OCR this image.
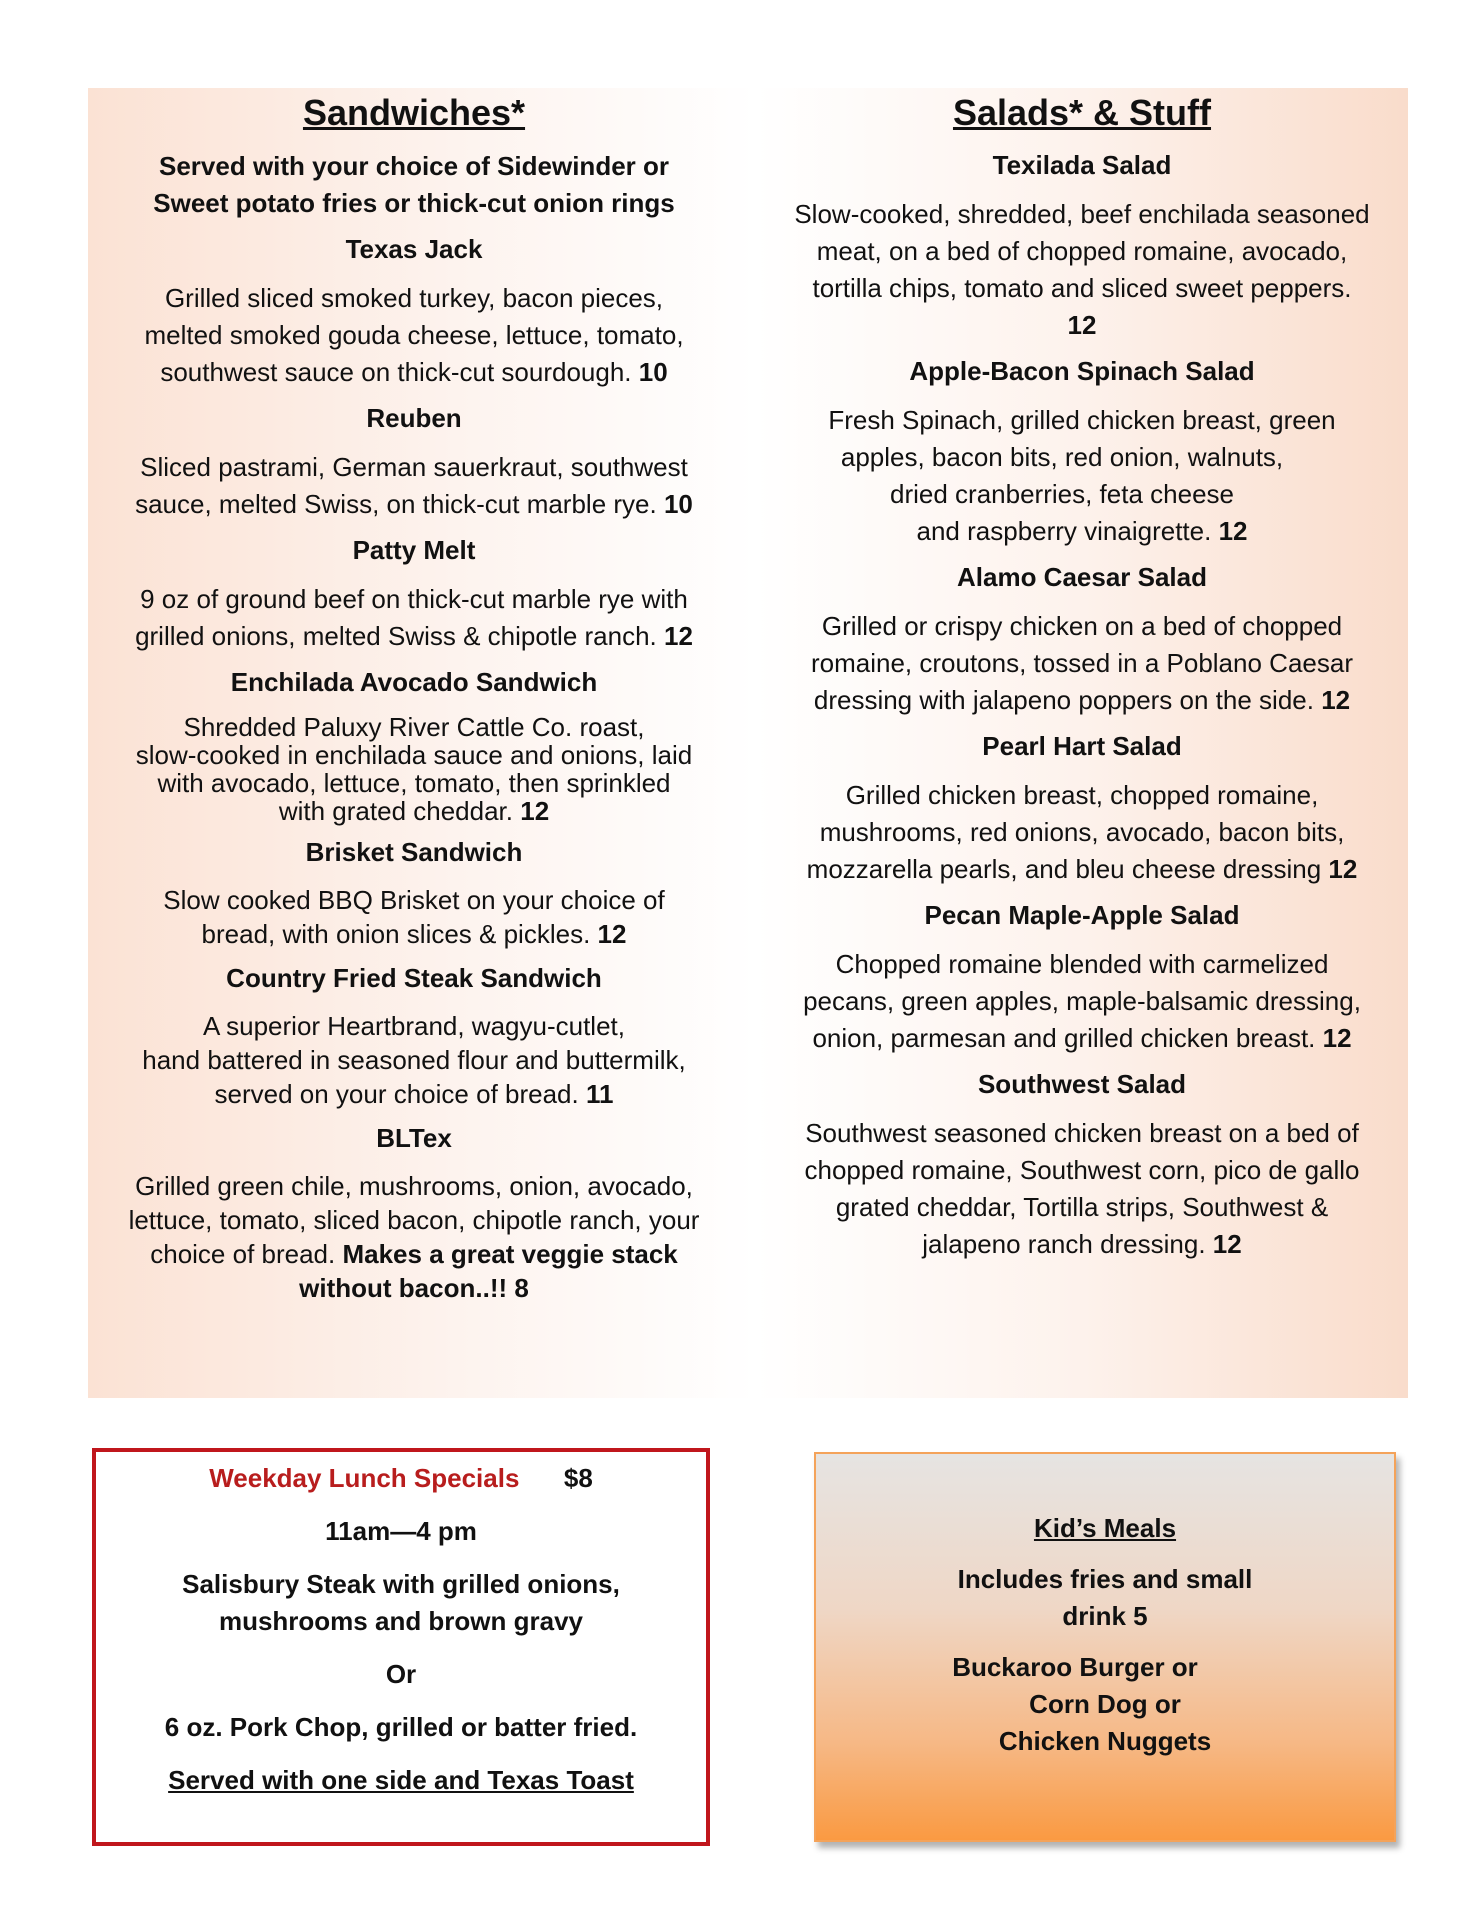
Sandwiches*
Served with your choice of Sidewinder or
Sweet potato fries or thick-cut onion rings
Texas Jack
Grilled sliced smoked turkey, bacon pieces,
melted smoked gouda cheese, lettuce, tomato,
southwest sauce on thick-cut sourdough. 10
Reuben
Sliced pastrami, German sauerkraut, southwest
sauce, melted Swiss, on thick-cut marble rye. 10
Patty Melt
9 oz of ground beef on thick-cut marble rye with
grilled onions, melted Swiss & chipotle ranch. 12
Enchilada Avocado Sandwich
Shredded Paluxy River Cattle Co. roast,
slow-cooked in enchilada sauce and onions, laid
with avocado, lettuce, tomato, then sprinkled
with grated cheddar. 12
Brisket Sandwich
Slow cooked BBQ Brisket on your choice of
bread, with onion slices & pickles. 12
Country Fried Steak Sandwich
A superior Heartbrand, wagyu-cutlet,
hand battered in seasoned flour and buttermilk,
served on your choice of bread. 11
BLTex
Grilled green chile, mushrooms, onion, avocado,
lettuce, tomato, sliced bacon, chipotle ranch, your
choice of bread. Makes a great veggie stack
without bacon..!! 8
Salads* & Stuff
Texilada Salad
Slow-cooked, shredded, beef enchilada seasoned
meat, on a bed of chopped romaine, avocado,
tortilla chips, tomato and sliced sweet peppers.
12
Apple-Bacon Spinach Salad
Fresh Spinach, grilled chicken breast, green
apples, bacon bits, red onion, walnuts,
dried cranberries, feta cheese
and raspberry vinaigrette. 12
Alamo Caesar Salad
Grilled or crispy chicken on a bed of chopped
romaine, croutons, tossed in a Poblano Caesar
dressing with jalapeno poppers on the side. 12
Pearl Hart Salad
Grilled chicken breast, chopped romaine,
mushrooms, red onions, avocado, bacon bits,
mozzarella pearls, and bleu cheese dressing 12
Pecan Maple-Apple Salad
Chopped romaine blended with carmelized
pecans, green apples, maple-balsamic dressing,
onion, parmesan and grilled chicken breast. 12
Southwest Salad
Southwest seasoned chicken breast on a bed of
chopped romaine, Southwest corn, pico de gallo
grated cheddar, Tortilla strips, Southwest &
jalapeno ranch dressing. 12
Weekday Lunch Specials $8
11am—4 pm
Salisbury Steak with grilled onions,
mushrooms and brown gravy
Or
6 oz. Pork Chop, grilled or batter fried.
Served with one side and Texas Toast
Kid’s Meals
Includes fries and small
drink 5
Buckaroo Burger or
Corn Dog or
Chicken Nuggets
